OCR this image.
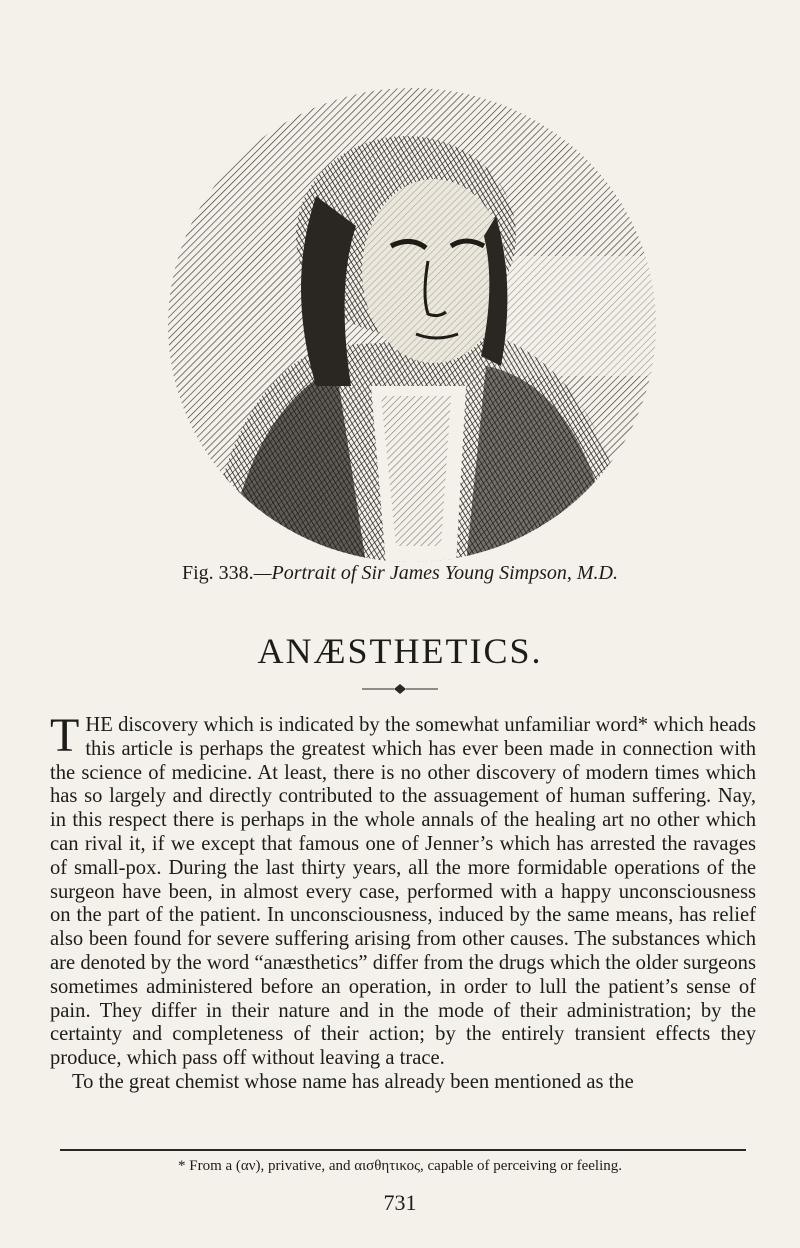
Fig. 338.—Portrait of Sir James Young Simpson, M.D.
ANÆSTHETICS.

THE discovery which is indicated by the somewhat unfamiliar word* which heads this article is perhaps the greatest which has ever been made in connection with the science of medicine. At least, there is no other discovery of modern times which has so largely and directly contributed to the assuagement of human suffering. Nay, in this respect there is perhaps in the whole annals of the healing art no other which can rival it, if we except that famous one of Jenner’s which has arrested the ravages of small-pox. During the last thirty years, all the more formidable operations of the surgeon have been, in almost every case, performed with a happy unconsciousness on the part of the patient. In unconsciousness, induced by the same means, has relief also been found for severe suffering arising from other causes. The substances which are denoted by the word “anæsthetics” differ from the drugs which the older surgeons sometimes administered before an operation, in order to lull the patient’s sense of pain. They differ in their nature and in the mode of their administration; by the certainty and completeness of their action; by the entirely transient effects they produce, which pass off without leaving a trace.

To the great chemist whose name has already been mentioned as the

* From a (αν), privative, and αισθητικος, capable of perceiving or feeling.
731
